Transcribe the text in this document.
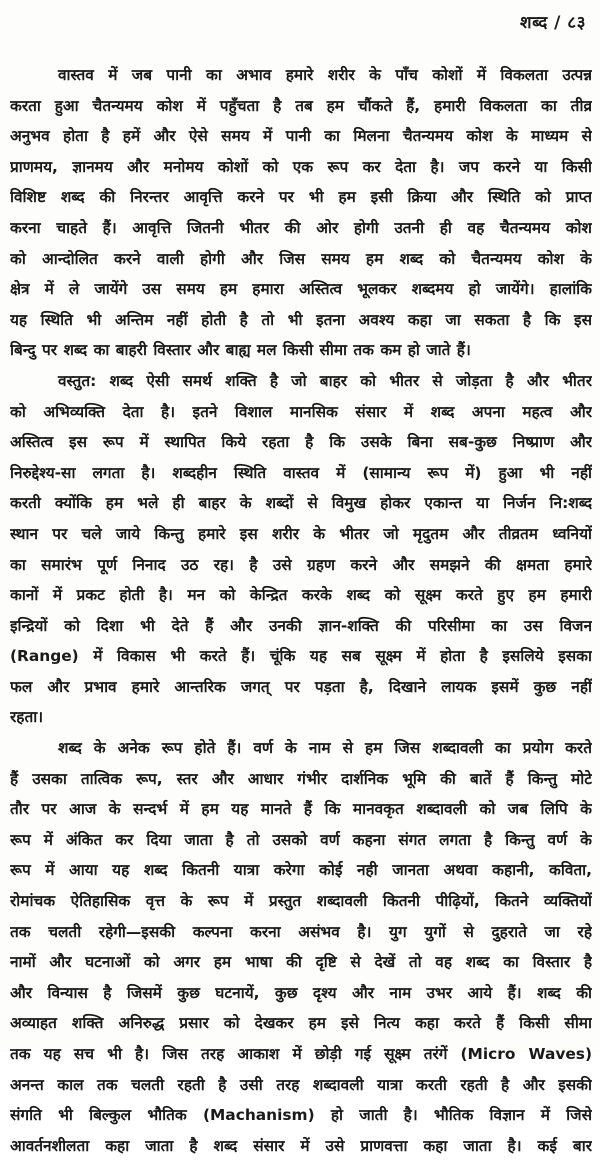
शब्द / ८३
वास्तव में जब पानी का अभाव हमारे शरीर के पाँच कोशों में विकलता उत्पन्न
करता हुआ चैतन्यमय कोश में पहुँचता है तब हम चौंकते हैं, हमारी विकलता का तीव्र
अनुभव होता है हमें और ऐसे समय में पानी का मिलना चैतन्यमय कोश के माध्यम से
प्राणमय, ज्ञानमय और मनोमय कोशों को एक रूप कर देता है। जप करने या किसी
विशिष्ट शब्द की निरन्तर आवृत्ति करने पर भी हम इसी क्रिया और स्थिति को प्राप्त
करना चाहते हैं। आवृत्ति जितनी भीतर की ओर होगी उतनी ही वह चैतन्यमय कोश
को आन्दोलित करने वाली होगी और जिस समय हम शब्द को चैतन्यमय कोश के
क्षेत्र में ले जायेंगे उस समय हम हमारा अस्तित्व भूलकर शब्दमय हो जायेंगे। हालांकि
यह स्थिति भी अन्तिम नहीं होती है तो भी इतना अवश्य कहा जा सकता है कि इस
बिन्दु पर शब्द का बाहरी विस्तार और बाह्य मल किसी सीमा तक कम हो जाते हैं।
वस्तुत: शब्द ऐसी समर्थ शक्ति है जो बाहर को भीतर से जोड़ता है और भीतर
को अभिव्यक्ति देता है। इतने विशाल मानसिक संसार में शब्द अपना महत्व और
अस्तित्व इस रूप में स्थापित किये रहता है कि उसके बिना सब-कुछ निष्प्राण और
निरुद्देश्य-सा लगता है। शब्दहीन स्थिति वास्तव में (सामान्य रूप में) हुआ भी नहीं
करती क्योंकि हम भले ही बाहर के शब्दों से विमुख होकर एकान्त या निर्जन नि:शब्द
स्थान पर चले जाये किन्तु हमारे इस शरीर के भीतर जो मृदुतम और तीव्रतम ध्वनियों
का समारंभ पूर्ण निनाद उठ रह। है उसे ग्रहण करने और समझने की क्षमता हमारे
कानों में प्रकट होती है। मन को केन्द्रित करके शब्द को सूक्ष्म करते हुए हम हमारी
इन्द्रियों को दिशा भी देते हैं और उनकी ज्ञान-शक्ति की परिसीमा का उस विजन
(Range) में विकास भी करते हैं। चूंकि यह सब सूक्ष्म में होता है इसलिये इसका
फल और प्रभाव हमारे आन्तरिक जगत् पर पड़ता है, दिखाने लायक इसमें कुछ नहीं
रहता।
शब्द के अनेक रूप होते हैं। वर्ण के नाम से हम जिस शब्दावली का प्रयोग करते
हैं उसका तात्विक रूप, स्तर और आधार गंभीर दार्शनिक भूमि की बातें हैं किन्तु मोटे
तौर पर आज के सन्दर्भ में हम यह मानते हैं कि मानवकृत शब्दावली को जब लिपि के
रूप में अंकित कर दिया जाता है तो उसको वर्ण कहना संगत लगता है किन्तु वर्ण के
रूप में आया यह शब्द कितनी यात्रा करेगा कोई नही जानता अथवा कहानी, कविता,
रोमांचक ऐतिहासिक वृत्त के रूप में प्रस्तुत शब्दावली कितनी पीढ़ियों, कितने व्यक्तियों
तक चलती रहेगी—इसकी कल्पना करना असंभव है। युग युगों से दुहराते जा रहे
नामों और घटनाओं को अगर हम भाषा की दृष्टि से देखें तो वह शब्द का विस्तार है
और विन्यास है जिसमें कुछ घटनायें, कुछ दृश्य और नाम उभर आये हैं। शब्द की
अव्याहत शक्ति अनिरुद्ध प्रसार को देखकर हम इसे नित्य कहा करते हैं किसी सीमा
तक यह सच भी है। जिस तरह आकाश में छोड़ी गई सूक्ष्म तरंगें (Micro Waves)
अनन्त काल तक चलती रहती है उसी तरह शब्दावली यात्रा करती रहती है और इसकी
संगति भी बिल्कुल भौतिक (Machanism) हो जाती है। भौतिक विज्ञान में जिसे
आवर्तनशीलता कहा जाता है शब्द संसार में उसे प्राणवत्ता कहा जाता है। कई बार
